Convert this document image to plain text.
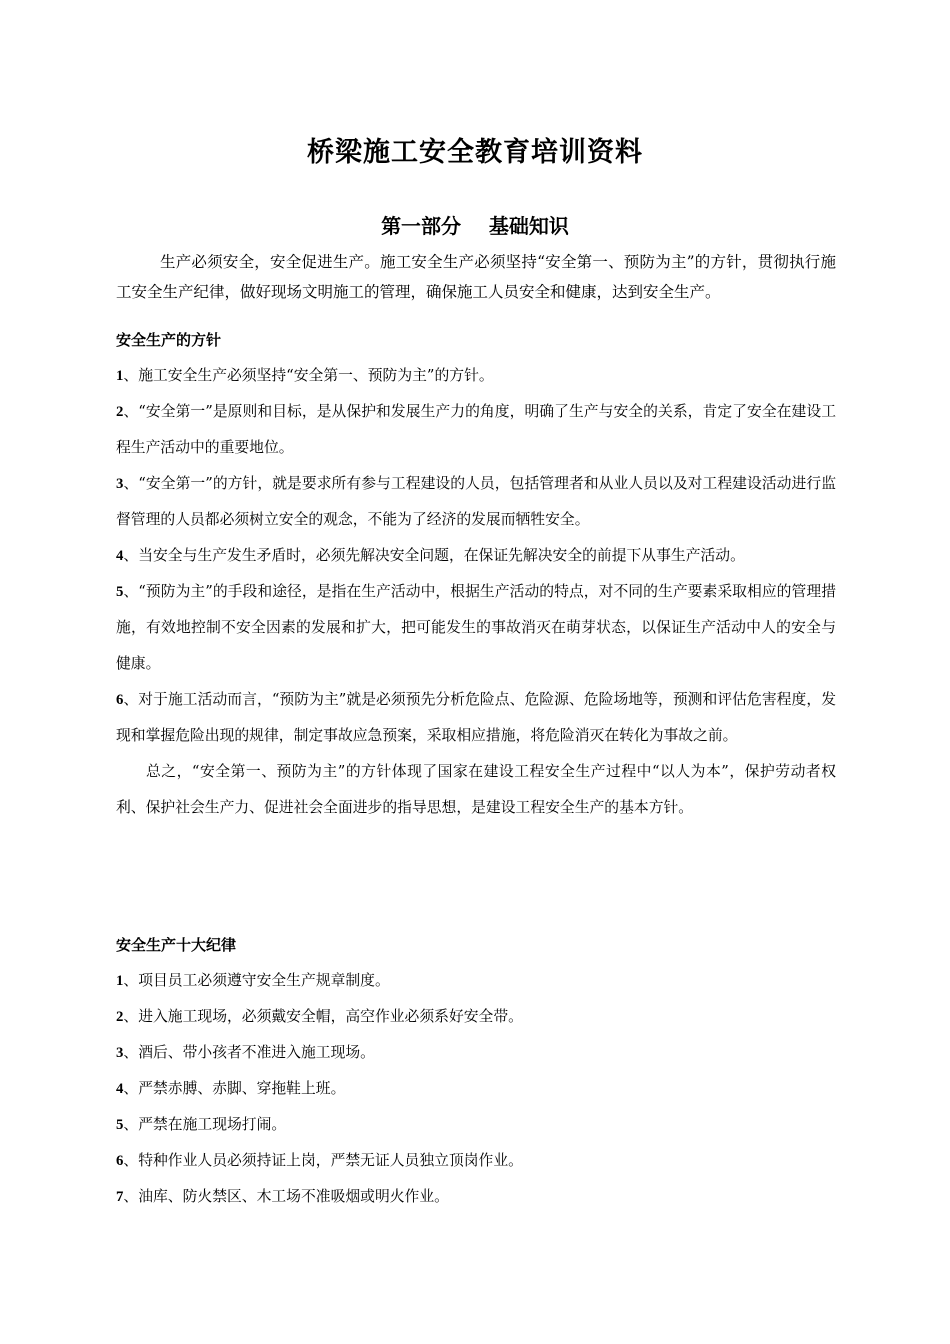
桥梁施工安全教育培训资料
第一部分    基础知识
生产必须安全，安全促进生产。施工安全生产必须坚持“安全第一、预防为主”的方针，贯彻执行施工安全生产纪律，做好现场文明施工的管理，确保施工人员安全和健康，达到安全生产。

安全生产的方针

1、施工安全生产必须坚持“安全第一、预防为主”的方针。

2、“安全第一”是原则和目标，是从保护和发展生产力的角度，明确了生产与安全的关系，肯定了安全在建设工程生产活动中的重要地位。

3、“安全第一”的方针，就是要求所有参与工程建设的人员，包括管理者和从业人员以及对工程建设活动进行监督管理的人员都必须树立安全的观念，不能为了经济的发展而牺牲安全。

4、当安全与生产发生矛盾时，必须先解决安全问题，在保证先解决安全的前提下从事生产活动。

5、“预防为主”的手段和途径，是指在生产活动中，根据生产活动的特点，对不同的生产要素采取相应的管理措施，有效地控制不安全因素的发展和扩大，把可能发生的事故消灭在萌芽状态，以保证生产活动中人的安全与健康。

6、对于施工活动而言，“预防为主”就是必须预先分析危险点、危险源、危险场地等，预测和评估危害程度，发现和掌握危险出现的规律，制定事故应急预案，采取相应措施，将危险消灭在转化为事故之前。

总之，“安全第一、预防为主”的方针体现了国家在建设工程安全生产过程中“以人为本”，保护劳动者权利、保护社会生产力、促进社会全面进步的指导思想，是建设工程安全生产的基本方针。

安全生产十大纪律

1、项目员工必须遵守安全生产规章制度。

2、进入施工现场，必须戴安全帽，高空作业必须系好安全带。

3、酒后、带小孩者不准进入施工现场。

4、严禁赤膊、赤脚、穿拖鞋上班。

5、严禁在施工现场打闹。

6、特种作业人员必须持证上岗，严禁无证人员独立顶岗作业。

7、油库、防火禁区、木工场不准吸烟或明火作业。
